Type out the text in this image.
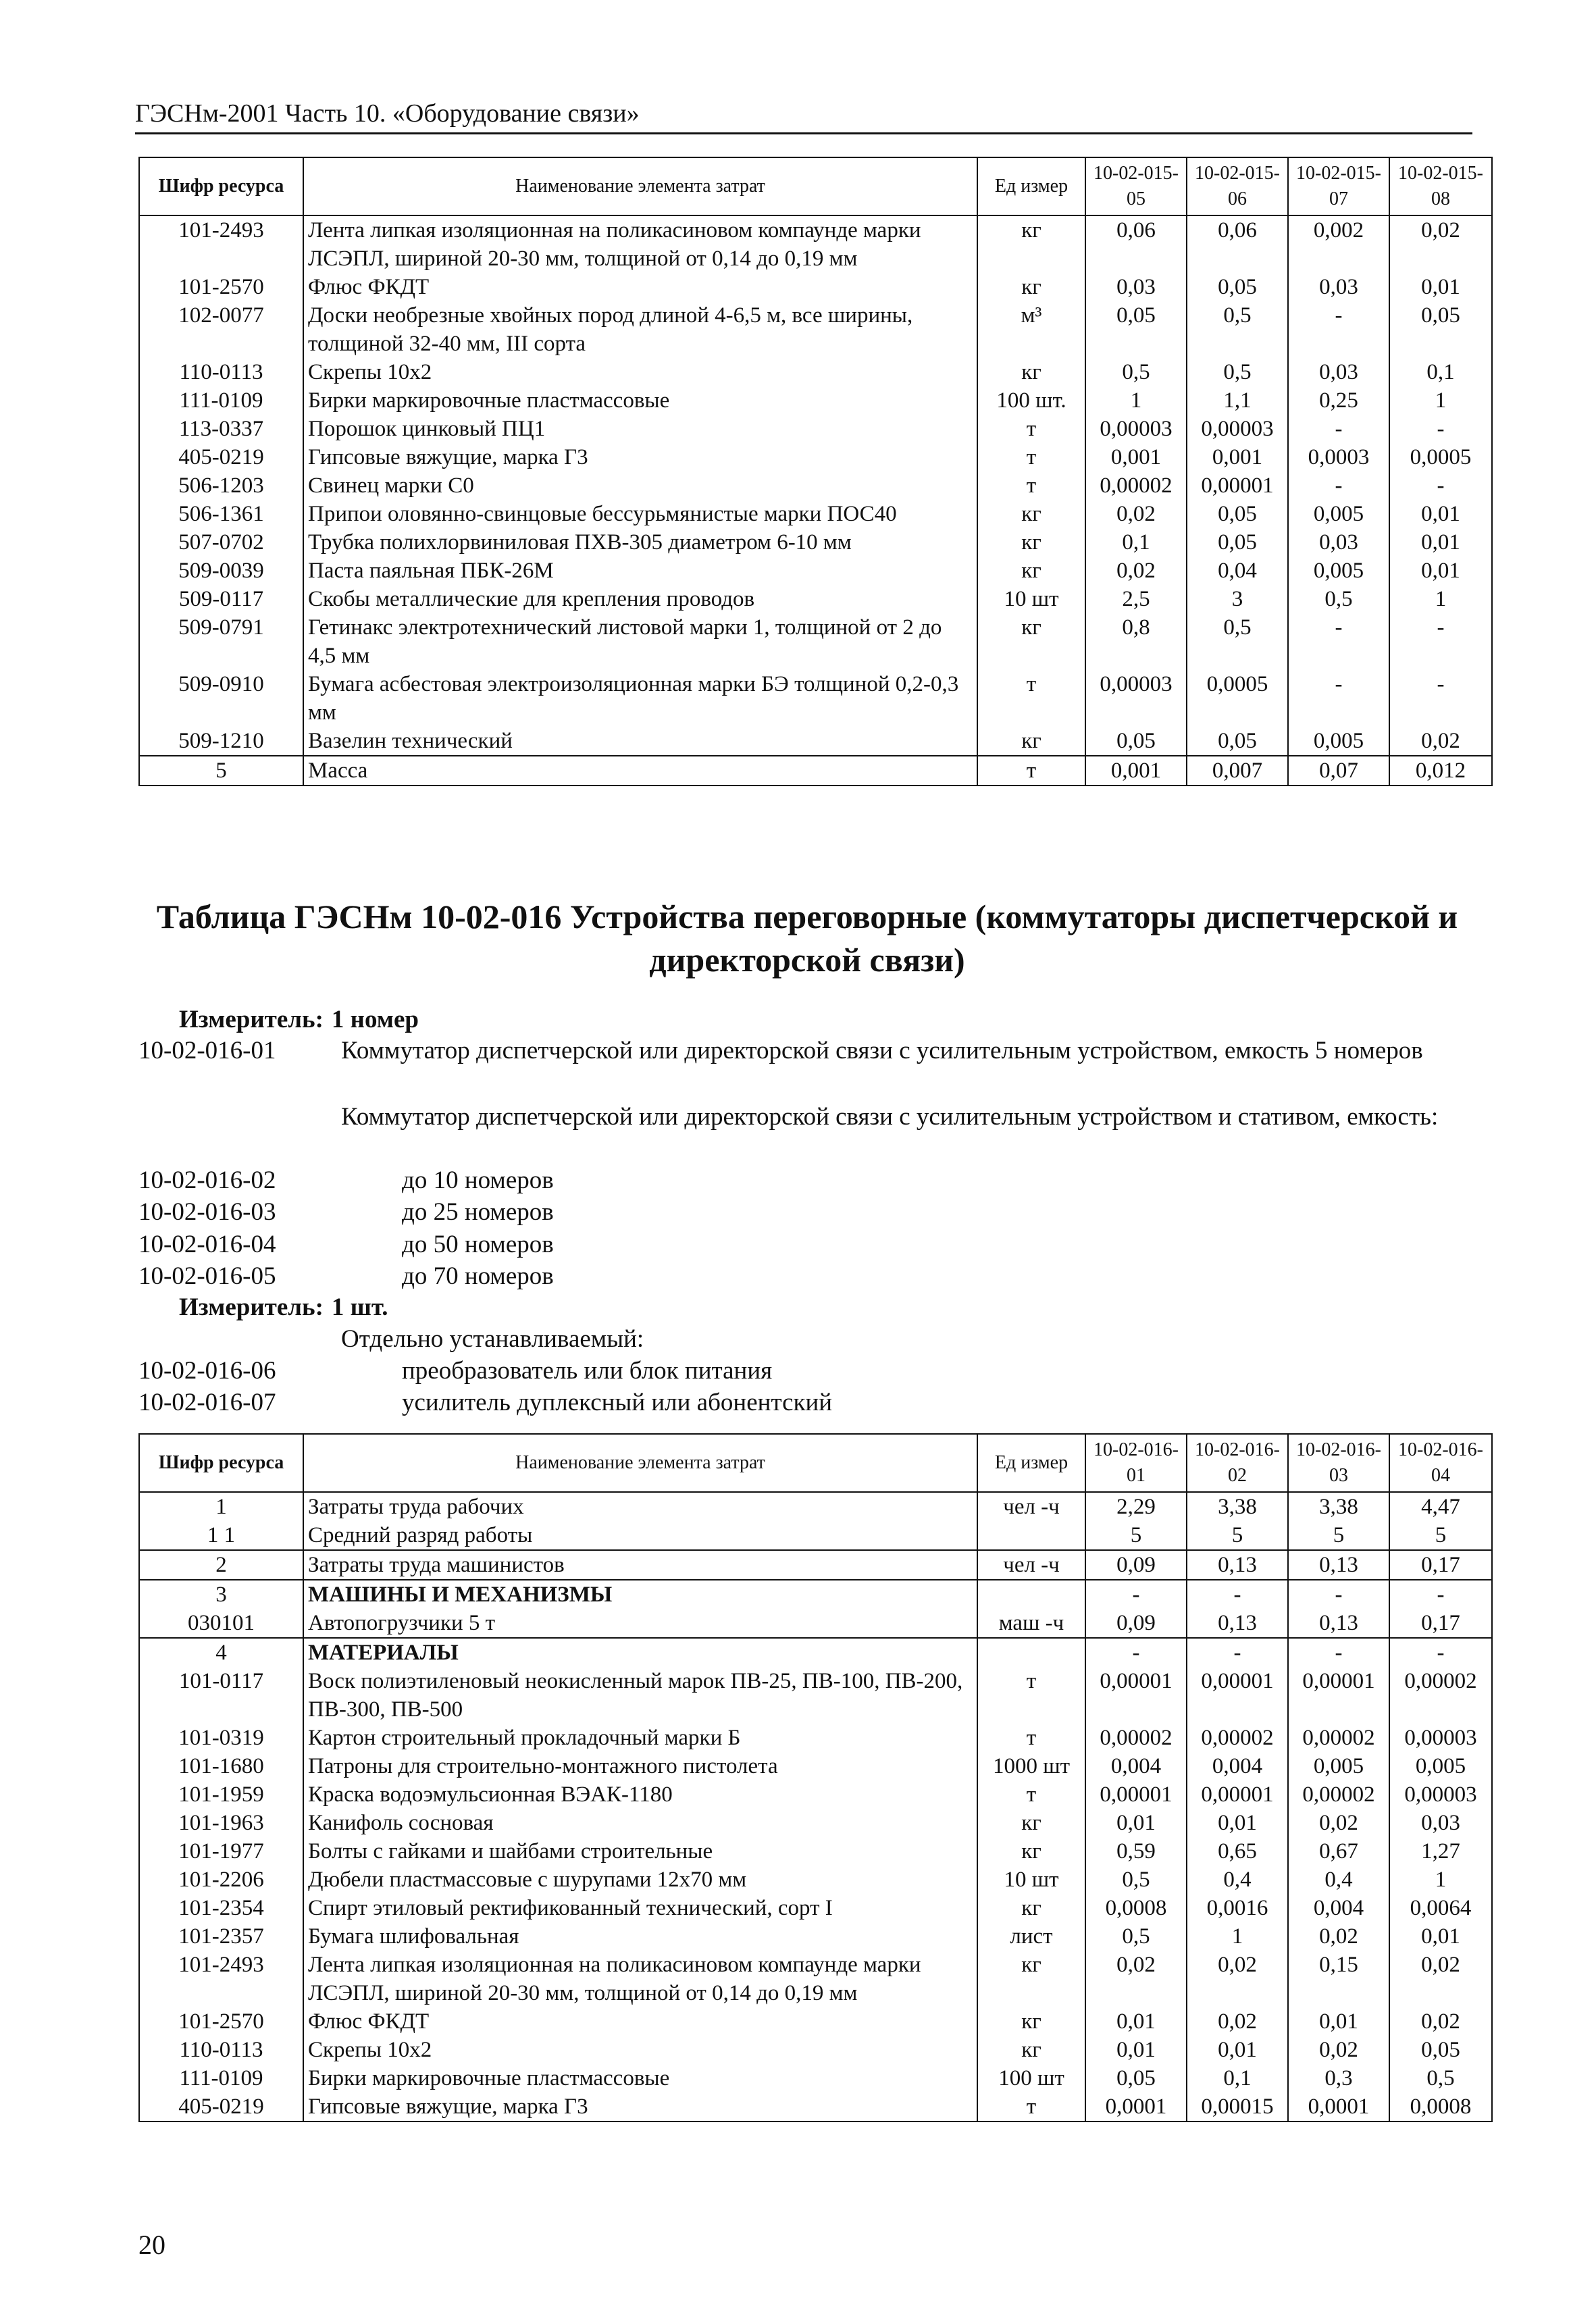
ГЭСНм-2001 Часть 10. «Оборудование связи»
Шифр ресурса	Наименование элемента затрат	Ед измер	10-02-015-05	10-02-015-06	10-02-015-07	10-02-015-08
101-2493	Лента липкая изоляционная на поликасиновом компаунде марки ЛСЭПЛ, шириной 20-30 мм, толщиной от 0,14 до 0,19 мм	кг	0,06	0,06	0,002	0,02
101-2570	Флюс ФКДТ	кг	0,03	0,05	0,03	0,01
102-0077	Доски необрезные хвойных пород длиной 4-6,5 м, все ширины, толщиной 32-40 мм, III сорта	м³	0,05	0,5	-	0,05
110-0113	Скрепы 10х2	кг	0,5	0,5	0,03	0,1
111-0109	Бирки маркировочные пластмассовые	100 шт.	1	1,1	0,25	1
113-0337	Порошок цинковый ПЦ1	т	0,00003	0,00003	-	-
405-0219	Гипсовые вяжущие, марка Г3	т	0,001	0,001	0,0003	0,0005
506-1203	Свинец марки С0	т	0,00002	0,00001	-	-
506-1361	Припои оловянно-свинцовые бессурьмянистые марки ПОС40	кг	0,02	0,05	0,005	0,01
507-0702	Трубка полихлорвиниловая ПХВ-305 диаметром 6-10 мм	кг	0,1	0,05	0,03	0,01
509-0039	Паста паяльная ПБК-26М	кг	0,02	0,04	0,005	0,01
509-0117	Скобы металлические для крепления проводов	10 шт	2,5	3	0,5	1
509-0791	Гетинакс электротехнический листовой марки 1, толщиной от 2 до 4,5 мм	кг	0,8	0,5	-	-
509-0910	Бумага асбестовая электроизоляционная марки БЭ толщиной 0,2-0,3 мм	т	0,00003	0,0005	-	-
509-1210	Вазелин технический	кг	0,05	0,05	0,005	0,02
5	Масса	т	0,001	0,007	0,07	0,012
Таблица ГЭСНм 10-02-016 Устройства переговорные (коммутаторы диспетчерской и директорской связи)
Измеритель: 1 номер
10-02-016-01	Коммутатор диспетчерской или директорской связи с усилительным устройством, емкость 5 номеров
Коммутатор диспетчерской или директорской связи с усилительным устройством и стативом, емкость:
10-02-016-02	до 10 номеров
10-02-016-03	до 25 номеров
10-02-016-04	до 50 номеров
10-02-016-05	до 70 номеров
Измеритель: 1 шт.
Отдельно устанавливаемый:
10-02-016-06	преобразователь или блок питания
10-02-016-07	усилитель дуплексный или абонентский
Шифр ресурса	Наименование элемента затрат	Ед измер	10-02-016-01	10-02-016-02	10-02-016-03	10-02-016-04
1	Затраты труда рабочих	чел -ч	2,29	3,38	3,38	4,47
1 1	Средний разряд работы		5	5	5	5
2	Затраты труда машинистов	чел -ч	0,09	0,13	0,13	0,17
3	МАШИНЫ И МЕХАНИЗМЫ		-	-	-	-
030101	Автопогрузчики 5 т	маш -ч	0,09	0,13	0,13	0,17
4	МАТЕРИАЛЫ		-	-	-	-
101-0117	Воск полиэтиленовый неокисленный марок ПВ-25, ПВ-100, ПВ-200, ПВ-300, ПВ-500	т	0,00001	0,00001	0,00001	0,00002
101-0319	Картон строительный прокладочный марки Б	т	0,00002	0,00002	0,00002	0,00003
101-1680	Патроны для строительно-монтажного пистолета	1000 шт	0,004	0,004	0,005	0,005
101-1959	Краска водоэмульсионная ВЭАК-1180	т	0,00001	0,00001	0,00002	0,00003
101-1963	Канифоль сосновая	кг	0,01	0,01	0,02	0,03
101-1977	Болты с гайками и шайбами строительные	кг	0,59	0,65	0,67	1,27
101-2206	Дюбели пластмассовые с шурупами 12х70 мм	10 шт	0,5	0,4	0,4	1
101-2354	Спирт этиловый ректификованный технический, сорт I	кг	0,0008	0,0016	0,004	0,0064
101-2357	Бумага шлифовальная	лист	0,5	1	0,02	0,01
101-2493	Лента липкая изоляционная на поликасиновом компаунде марки ЛСЭПЛ, шириной 20-30 мм, толщиной от 0,14 до 0,19 мм	кг	0,02	0,02	0,15	0,02
101-2570	Флюс ФКДТ	кг	0,01	0,02	0,01	0,02
110-0113	Скрепы 10х2	кг	0,01	0,01	0,02	0,05
111-0109	Бирки маркировочные пластмассовые	100 шт	0,05	0,1	0,3	0,5
405-0219	Гипсовые вяжущие, марка Г3	т	0,0001	0,00015	0,0001	0,0008
20
